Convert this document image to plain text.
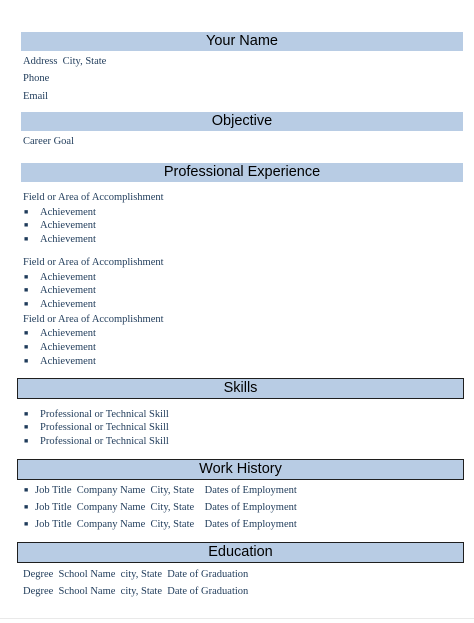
Your Name
Address  City, State
Phone
Email
Objective
Career Goal
Professional Experience
Field or Area of Accomplishment
■ Achievement
■ Achievement
■ Achievement
Field or Area of Accomplishment
■ Achievement
■ Achievement
■ Achievement
Field or Area of Accomplishment
■ Achievement
■ Achievement
■ Achievement
Skills
■ Professional or Technical Skill
■ Professional or Technical Skill
■ Professional or Technical Skill
Work History
■ Job Title  Company Name  City, State    Dates of Employment
■ Job Title  Company Name  City, State    Dates of Employment
■ Job Title  Company Name  City, State    Dates of Employment
Education
Degree  School Name  city, State  Date of Graduation
Degree  School Name  city, State  Date of Graduation
